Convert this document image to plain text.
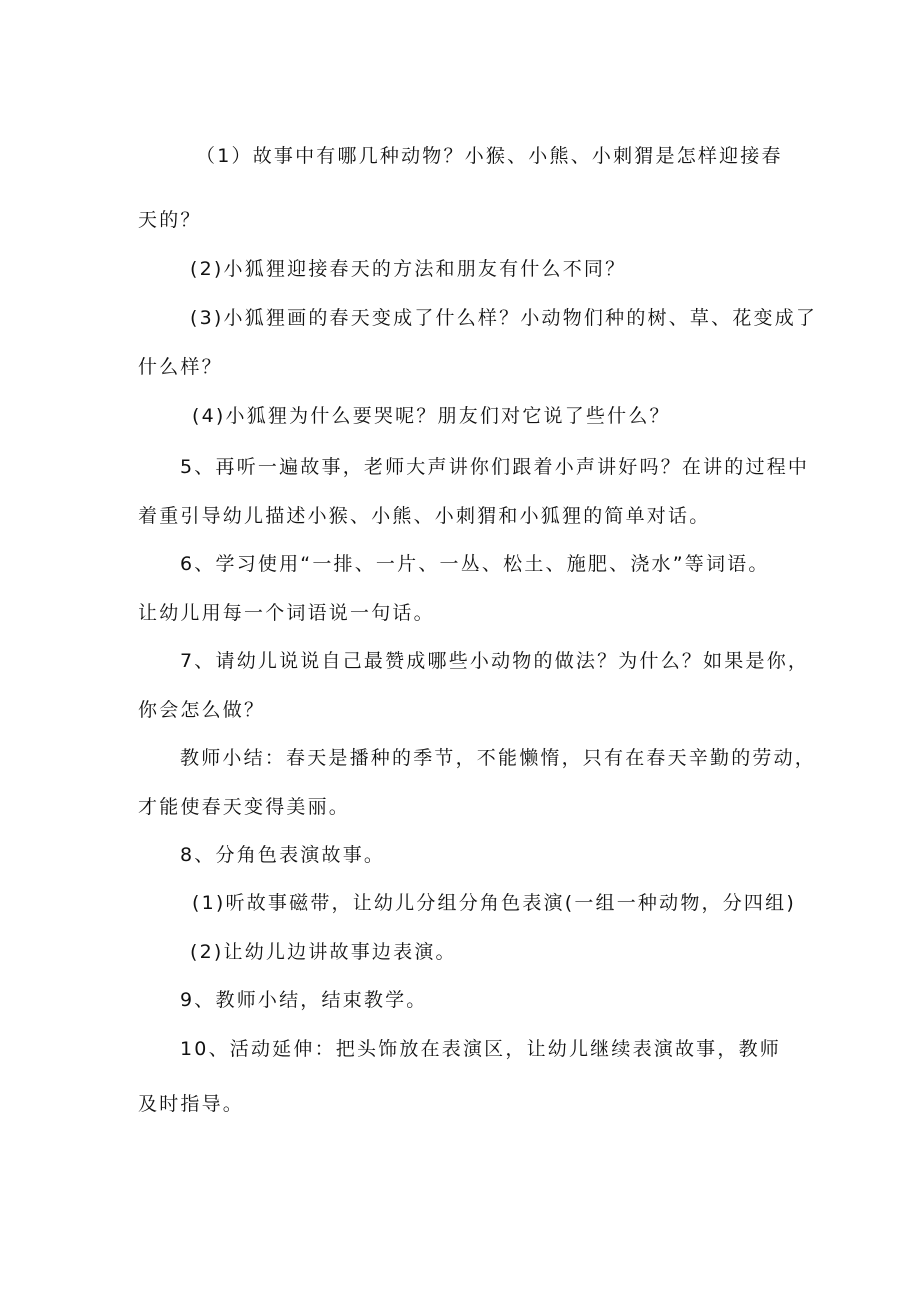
（1）故事中有哪几种动物？小猴、小熊、小刺猬是怎样迎接春
天的？
(2)小狐狸迎接春天的方法和朋友有什么不同？
(3)小狐狸画的春天变成了什么样？小动物们种的树、草、花变成了
什么样？
(4)小狐狸为什么要哭呢？朋友们对它说了些什么？
5、再听一遍故事，老师大声讲你们跟着小声讲好吗？在讲的过程中
着重引导幼儿描述小猴、小熊、小刺猬和小狐狸的简单对话。
6、学习使用“一排、一片、一丛、松土、施肥、浇水”等词语。
让幼儿用每一个词语说一句话。
7、请幼儿说说自己最赞成哪些小动物的做法？为什么？如果是你，
你会怎么做？
教师小结：春天是播种的季节，不能懒惰，只有在春天辛勤的劳动，
才能使春天变得美丽。
8、分角色表演故事。
(1)听故事磁带，让幼儿分组分角色表演(一组一种动物，分四组)
(2)让幼儿边讲故事边表演。
9、教师小结，结束教学。
10、活动延伸：把头饰放在表演区，让幼儿继续表演故事，教师
及时指导。
